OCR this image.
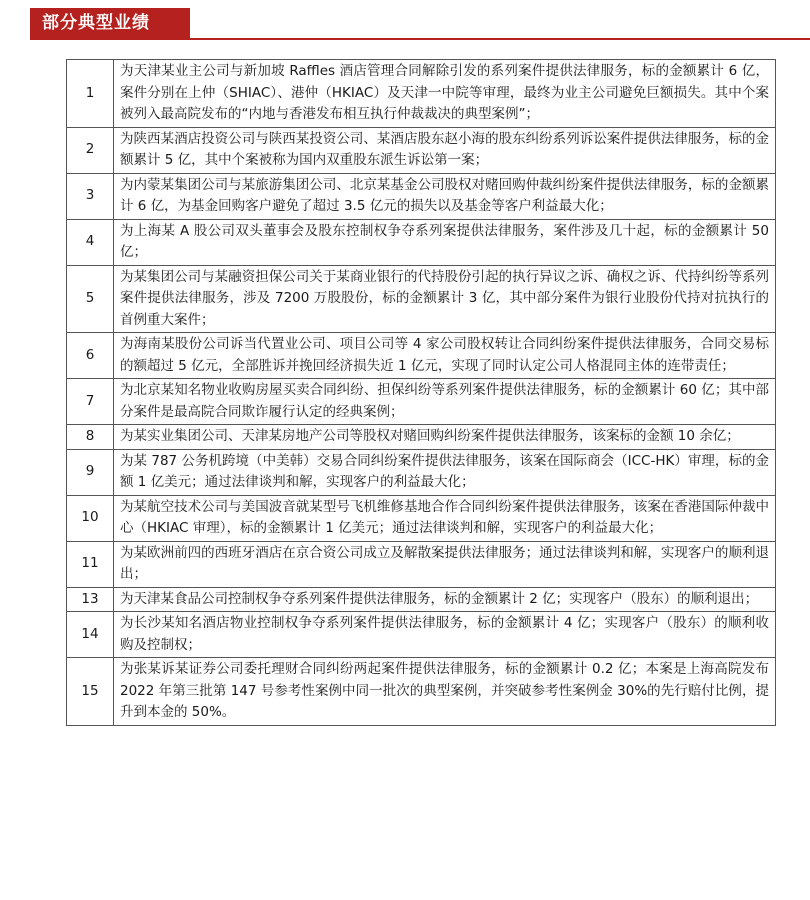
部分典型业绩
1	为天津某业主公司与新加坡 Raffles 酒店管理合同解除引发的系列案件提供法律服务，标的金额累计 6 亿，案件分别在上仲（SHIAC）、港仲（HKIAC）及天津一中院等审理，最终为业主公司避免巨额损失。其中个案被列入最高院发布的“内地与香港发布相互执行仲裁裁决的典型案例”；
2	为陕西某酒店投资公司与陕西某投资公司、某酒店股东赵小海的股东纠纷系列诉讼案件提供法律服务，标的金额累计 5 亿，其中个案被称为国内双重股东派生诉讼第一案；
3	为内蒙某集团公司与某旅游集团公司、北京某基金公司股权对赌回购仲裁纠纷案件提供法律服务，标的金额累计 6 亿，为基金回购客户避免了超过 3.5 亿元的损失以及基金等客户利益最大化；
4	为上海某 A 股公司双头董事会及股东控制权争夺系列案提供法律服务，案件涉及几十起，标的金额累计 50 亿；
5	为某集团公司与某融资担保公司关于某商业银行的代持股份引起的执行异议之诉、确权之诉、代持纠纷等系列案件提供法律服务，涉及 7200 万股股份，标的金额累计 3 亿，其中部分案件为银行业股份代持对抗执行的首例重大案件；
6	为海南某股份公司诉当代置业公司、项目公司等 4 家公司股权转让合同纠纷案件提供法律服务，合同交易标的额超过 5 亿元，全部胜诉并挽回经济损失近 1 亿元，实现了同时认定公司人格混同主体的连带责任；
7	为北京某知名物业收购房屋买卖合同纠纷、担保纠纷等系列案件提供法律服务，标的金额累计 60 亿；其中部分案件是最高院合同欺诈履行认定的经典案例；
8	为某实业集团公司、天津某房地产公司等股权对赌回购纠纷案件提供法律服务，该案标的金额 10 余亿；
9	为某 787 公务机跨境（中美韩）交易合同纠纷案件提供法律服务，该案在国际商会（ICC-HK）审理，标的金额 1 亿美元；通过法律谈判和解，实现客户的利益最大化；
10	为某航空技术公司与美国波音就某型号飞机维修基地合作合同纠纷案件提供法律服务，该案在香港国际仲裁中心（HKIAC 审理），标的金额累计 1 亿美元；通过法律谈判和解，实现客户的利益最大化；
11	为某欧洲前四的西班牙酒店在京合资公司成立及解散案提供法律服务；通过法律谈判和解，实现客户的顺利退出；
13	为天津某食品公司控制权争夺系列案件提供法律服务，标的金额累计 2 亿；实现客户（股东）的顺利退出；
14	为长沙某知名酒店物业控制权争夺系列案件提供法律服务，标的金额累计 4 亿；实现客户（股东）的顺利收购及控制权；
15	为张某诉某证券公司委托理财合同纠纷两起案件提供法律服务，标的金额累计 0.2 亿；本案是上海高院发布 2022 年第三批第 147 号参考性案例中同一批次的典型案例，并突破参考性案例金 30%的先行赔付比例，提升到本金的 50%。
